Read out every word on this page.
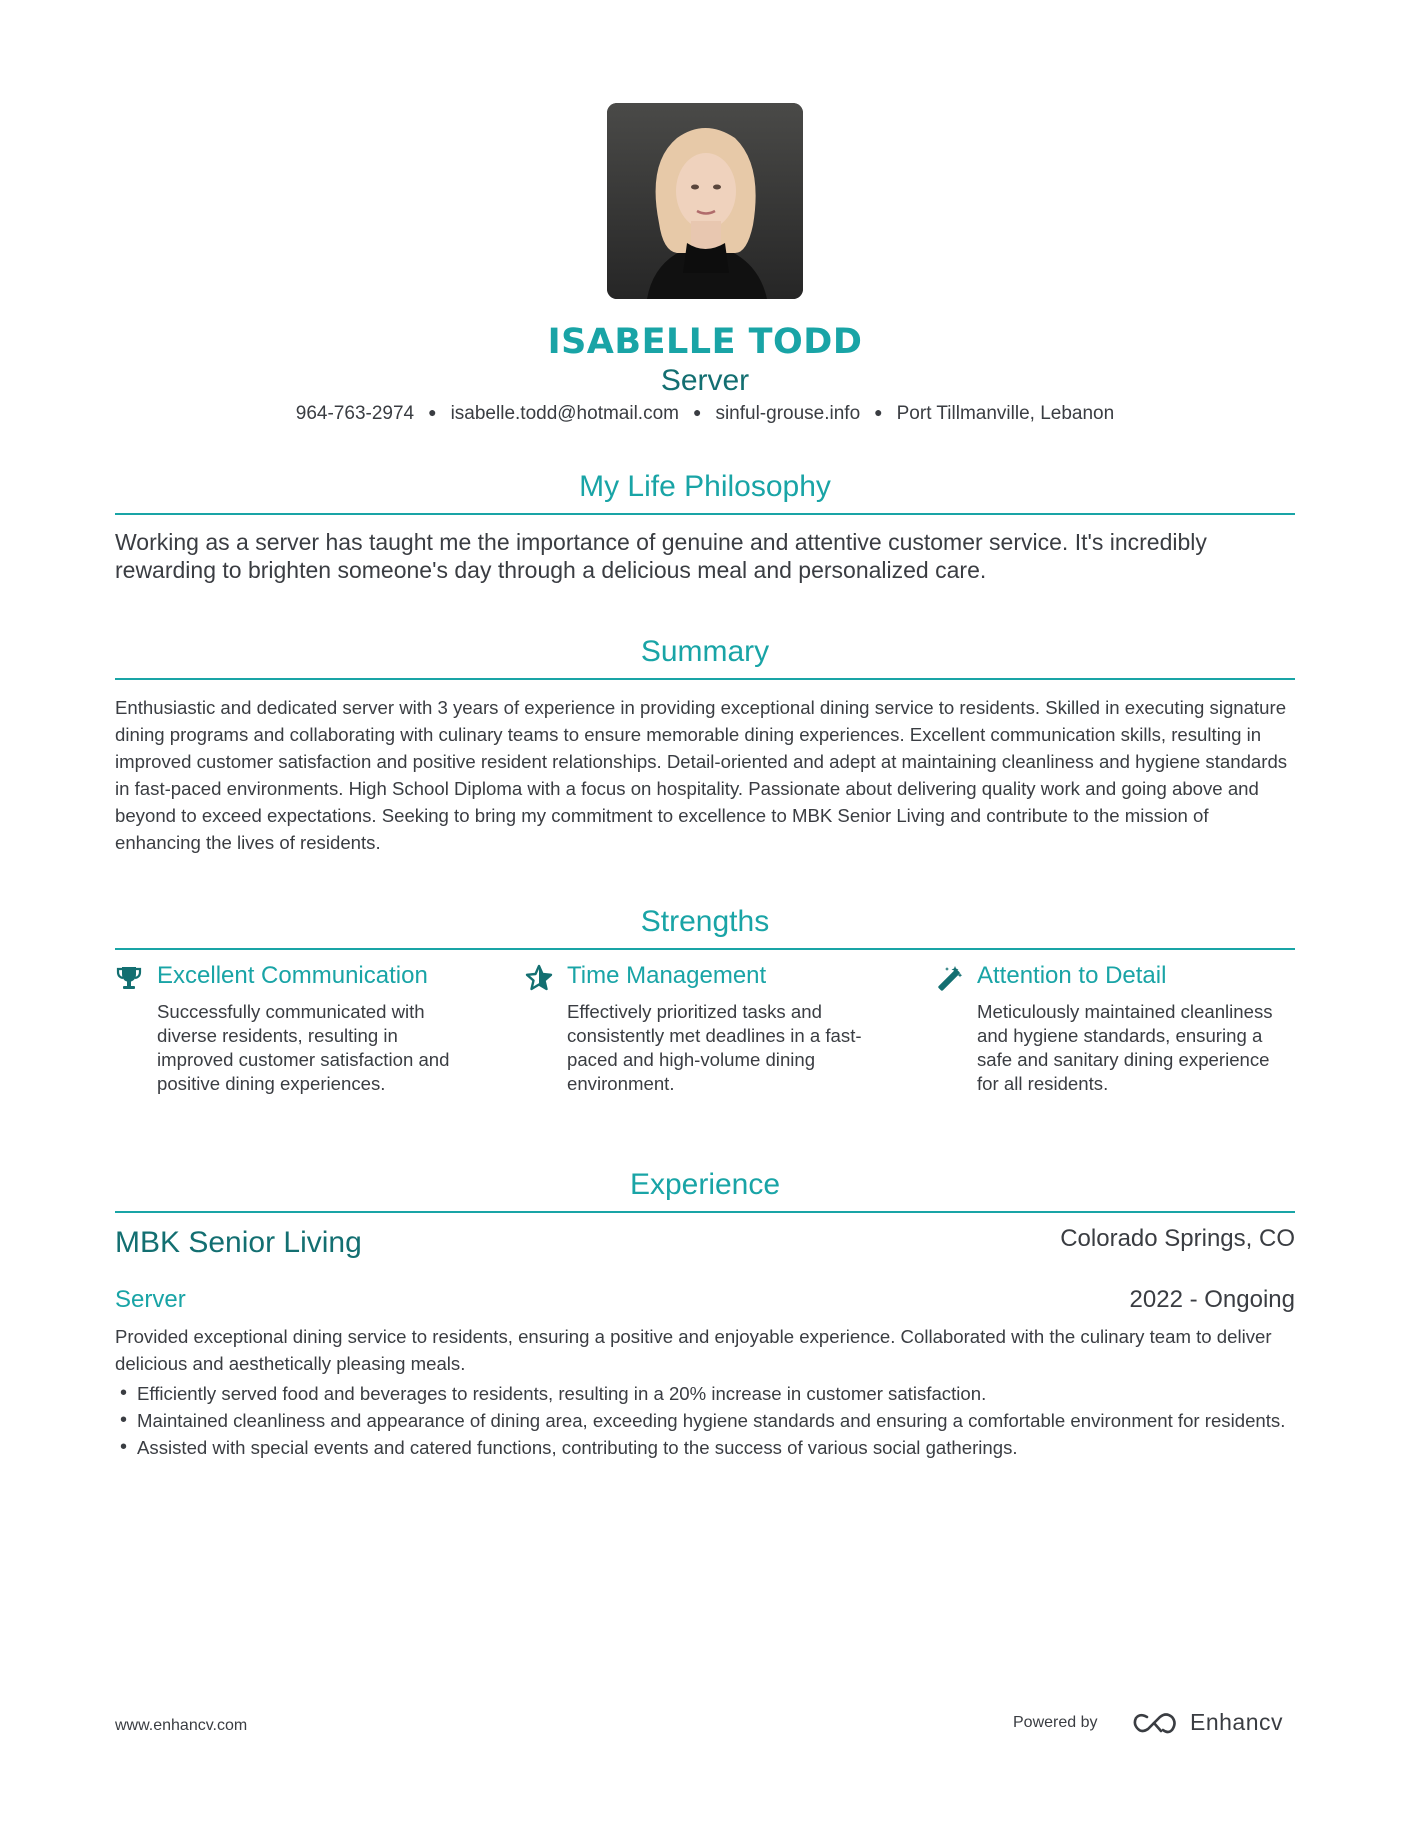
ISABELLE TODD
Server
964-763-2974 ● isabelle.todd@hotmail.com ● sinful-grouse.info ● Port Tillmanville, Lebanon
My Life Philosophy
Working as a server has taught me the importance of genuine and attentive customer service. It's incredibly rewarding to brighten someone's day through a delicious meal and personalized care.
Summary
Enthusiastic and dedicated server with 3 years of experience in providing exceptional dining service to residents. Skilled in executing signature dining programs and collaborating with culinary teams to ensure memorable dining experiences. Excellent communication skills, resulting in improved customer satisfaction and positive resident relationships. Detail-oriented and adept at maintaining cleanliness and hygiene standards in fast-paced environments. High School Diploma with a focus on hospitality. Passionate about delivering quality work and going above and beyond to exceed expectations. Seeking to bring my commitment to excellence to MBK Senior Living and contribute to the mission of enhancing the lives of residents.
Strengths
Excellent Communication
Successfully communicated with diverse residents, resulting in improved customer satisfaction and positive dining experiences.
Time Management
Effectively prioritized tasks and consistently met deadlines in a fast-paced and high-volume dining environment.
Attention to Detail
Meticulously maintained cleanliness and hygiene standards, ensuring a safe and sanitary dining experience for all residents.
Experience
MBK Senior Living	Colorado Springs, CO
Server	2022 - Ongoing
Provided exceptional dining service to residents, ensuring a positive and enjoyable experience. Collaborated with the culinary team to deliver delicious and aesthetically pleasing meals.
• Efficiently served food and beverages to residents, resulting in a 20% increase in customer satisfaction.
• Maintained cleanliness and appearance of dining area, exceeding hygiene standards and ensuring a comfortable environment for residents.
• Assisted with special events and catered functions, contributing to the success of various social gatherings.
www.enhancv.com	Powered by	Enhancv
